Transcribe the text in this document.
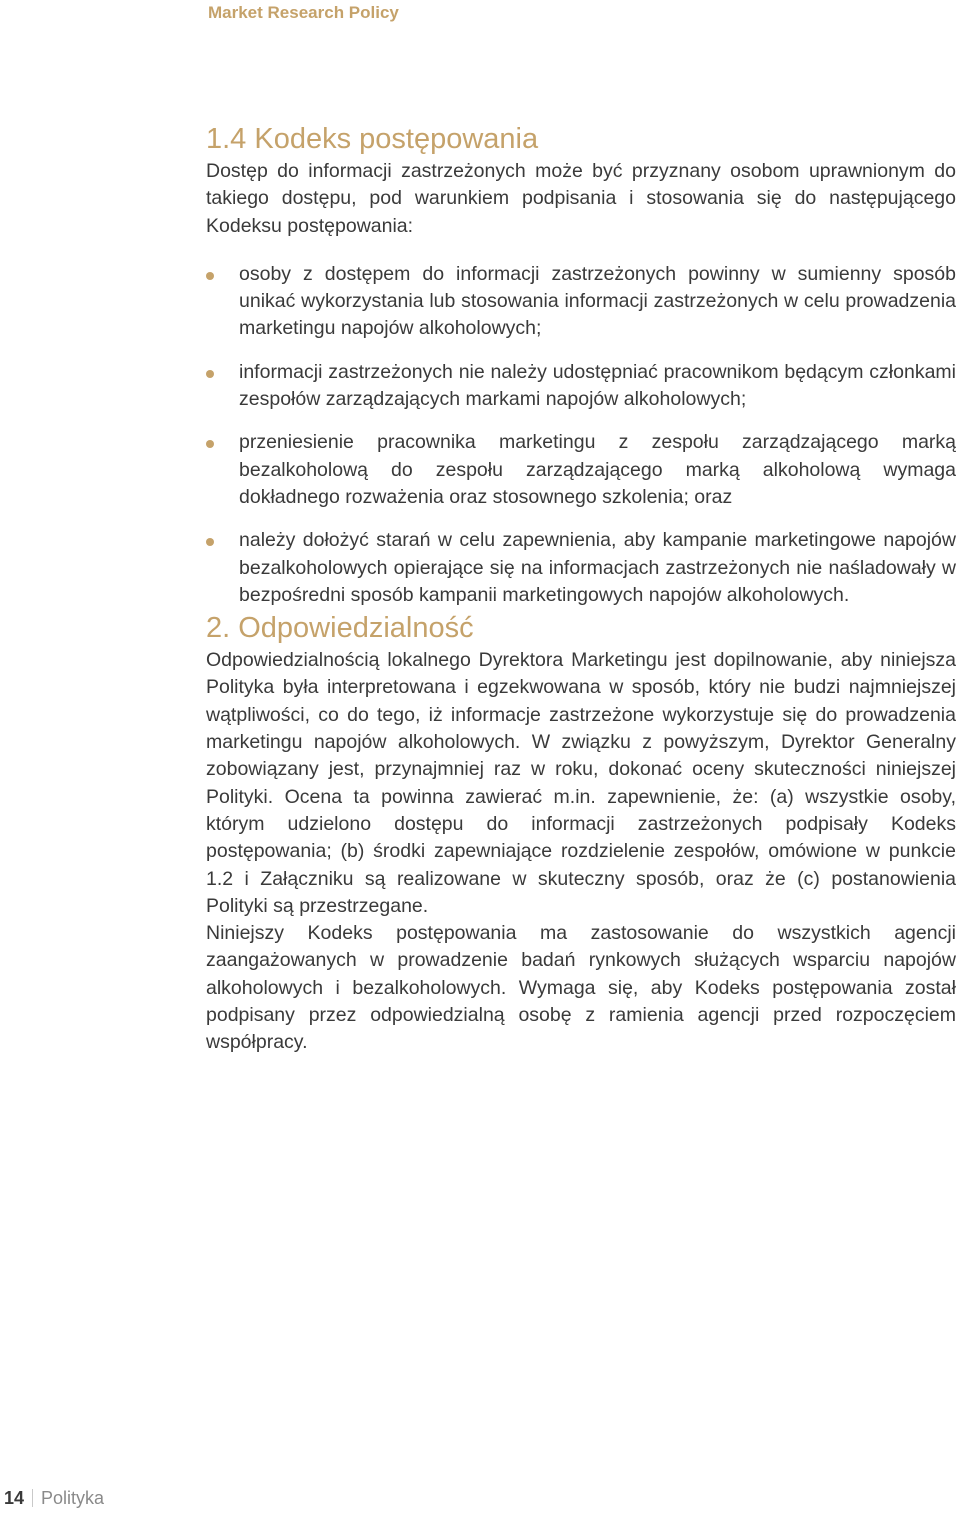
Market Research Policy
1.4 Kodeks postępowania

Dostęp do informacji zastrzeżonych może być przyznany osobom uprawnionym do takiego dostępu, pod warunkiem podpisania i stosowania się do następującego Kodeksu postępowania:

osoby z dostępem do informacji zastrzeżonych powinny w sumienny sposób unikać wykorzystania lub stosowania informacji zastrzeżonych w celu prowadzenia marketingu napojów alkoholowych;
informacji zastrzeżonych nie należy udostępniać pracownikom będącym członkami zespołów zarządzających markami napojów alkoholowych;
przeniesienie pracownika marketingu z zespołu zarządzającego marką bezalkoholową do zespołu zarządzającego marką alkoholową wymaga dokładnego rozważenia oraz stosownego szkolenia; oraz
należy dołożyć starań w celu zapewnienia, aby kampanie marketingowe napojów bezalkoholowych opierające się na informacjach zastrzeżonych nie naśladowały w bezpośredni sposób kampanii marketingowych napojów alkoholowych.
2. Odpowiedzialność

Odpowiedzialnością lokalnego Dyrektora Marketingu jest dopilnowanie, aby niniejsza Polityka była interpretowana i egzekwowana w sposób, który nie budzi najmniejszej wątpliwości, co do tego, iż informacje zastrzeżone wykorzystuje się do prowadzenia marketingu napojów alkoholowych. W związku z powyższym, Dyrektor Generalny zobowiązany jest, przynajmniej raz w roku, dokonać oceny skuteczności niniejszej Polityki. Ocena ta powinna zawierać m.in. zapewnienie, że: (a) wszystkie osoby, którym udzielono dostępu do informacji zastrzeżonych podpisały Kodeks postępowania; (b) środki zapewniające rozdzielenie zespołów, omówione w punkcie 1.2 i Załączniku są realizowane w skuteczny sposób, oraz że (c) postanowienia Polityki są przestrzegane.

Niniejszy Kodeks postępowania ma zastosowanie do wszystkich agencji zaangażowanych w prowadzenie badań rynkowych służących wsparciu napojów alkoholowych i bezalkoholowych. Wymaga się, aby Kodeks postępowania został podpisany przez odpowiedzialną osobę z ramienia agencji przed rozpoczęciem współpracy.

14 Polityka
